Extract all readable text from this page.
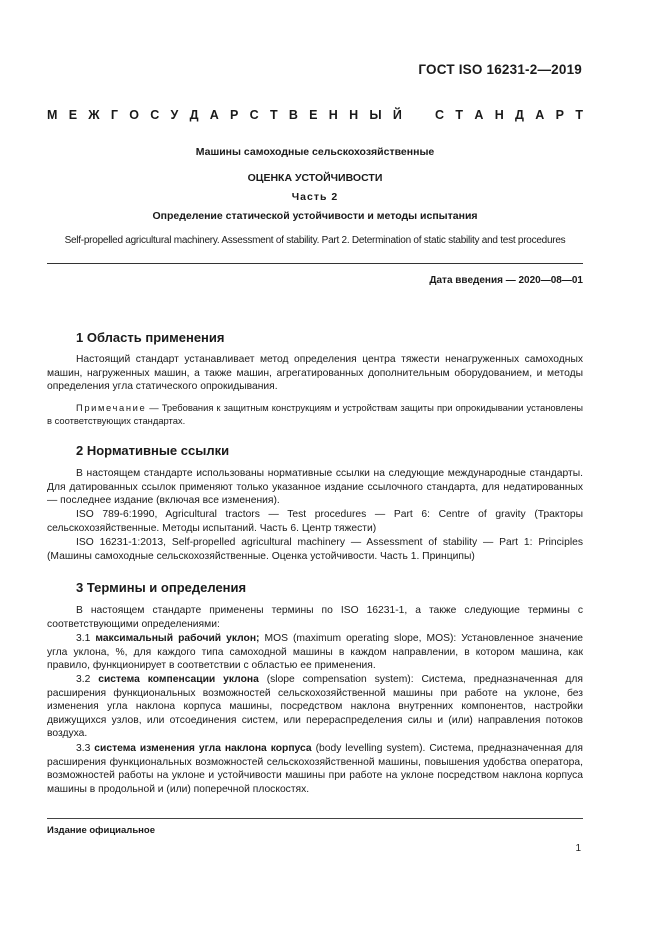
ГОСТ ISO 16231-2—2019
М Е Ж Г О С У Д А Р С Т В Е Н Н Ы Й	С Т А Н Д А Р Т
Машины самоходные сельскохозяйственные
ОЦЕНКА УСТОЙЧИВОСТИ
Часть 2
Определение статической устойчивости и методы испытания
Self-propelled agricultural machinery. Assessment of stability. Part 2. Determination of static stability and test procedures
Дата введения — 2020—08—01
1 Область применения

Настоящий стандарт устанавливает метод определения центра тяжести ненагруженных самоходных машин, нагруженных машин, а также машин, агрегатированных дополнительным оборудованием, и методы определения угла статического опрокидывания.

Примечание — Требования к защитным конструкциям и устройствам защиты при опрокидывании установлены в соответствующих стандартах.

2 Нормативные ссылки

В настоящем стандарте использованы нормативные ссылки на следующие международные стандарты. Для датированных ссылок применяют только указанное издание ссылочного стандарта, для недатированных — последнее издание (включая все изменения).

ISO 789-6:1990, Agricultural tractors — Test procedures — Part 6: Centre of gravity (Тракторы сельскохозяйственные. Методы испытаний. Часть 6. Центр тяжести)

ISO 16231-1:2013, Self-propelled agricultural machinery — Assessment of stability — Part 1: Principles (Машины самоходные сельскохозяйственные. Оценка устойчивости. Часть 1. Принципы)

3 Термины и определения

В настоящем стандарте применены термины по ISO 16231-1, а также следующие термины с соответствующими определениями:

3.1 максимальный рабочий уклон; MOS (maximum operating slope, MOS): Установленное значение угла уклона, %, для каждого типа самоходной машины в каждом направлении, в котором машина, как правило, функционирует в соответствии с областью ее применения.

3.2 система компенсации уклона (slope compensation system): Система, предназначенная для расширения функциональных возможностей сельскохозяйственной машины при работе на уклоне, без изменения угла наклона корпуса машины, посредством наклона внутренних компонентов, настройки движущихся узлов, или отсоединения систем, или перераспределения силы и (или) направления потоков воздуха.

3.3 система изменения угла наклона корпуса (body levelling system). Система, предназначенная для расширения функциональных возможностей сельскохозяйственной машины, повышения удобства оператора, возможностей работы на уклоне и устойчивости машины при работе на уклоне посредством наклона корпуса машины в продольной и (или) поперечной плоскостях.

Издание официальное
1
